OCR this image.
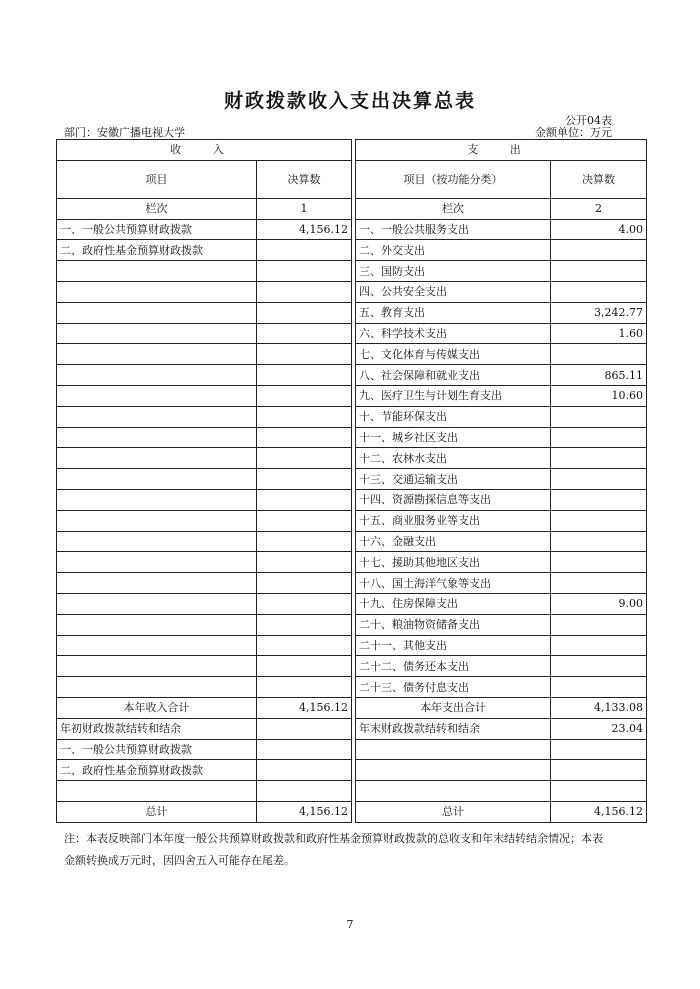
财政拨款收入支出决算总表
公开04表
部门：安徽广播电视大学	金额单位：万元
收 入			支 出	
项目	决算数		项目（按功能分类）	决算数
栏次	1		栏次	2
一、一般公共预算财政拨款	4,156.12		一、一般公共服务支出	4.00
二、政府性基金预算财政拨款			二、外交支出	
			三、国防支出	
			四、公共安全支出	
			五、教育支出	3,242.77
			六、科学技术支出	1.60
			七、文化体育与传媒支出	
			八、社会保障和就业支出	865.11
			九、医疗卫生与计划生育支出	10.60
			十、节能环保支出	
			十一、城乡社区支出	
			十二、农林水支出	
			十三、交通运输支出	
			十四、资源勘探信息等支出	
			十五、商业服务业等支出	
			十六、金融支出	
			十七、援助其他地区支出	
			十八、国土海洋气象等支出	
			十九、住房保障支出	9.00
			二十、粮油物资储备支出	
			二十一、其他支出	
			二十二、债务还本支出	
			二十三、债务付息支出	
本年收入合计	4,156.12		本年支出合计	4,133.08
年初财政拨款结转和结余			年末财政拨款结转和结余	23.04
一、一般公共预算财政拨款				
二、政府性基金预算财政拨款				

总计	4,156.12		总计	4,156.12
注：本表反映部门本年度一般公共预算财政拨款和政府性基金预算财政拨款的总收支和年末结转结余情况；本表
金额转换成万元时，因四舍五入可能存在尾差。
7
